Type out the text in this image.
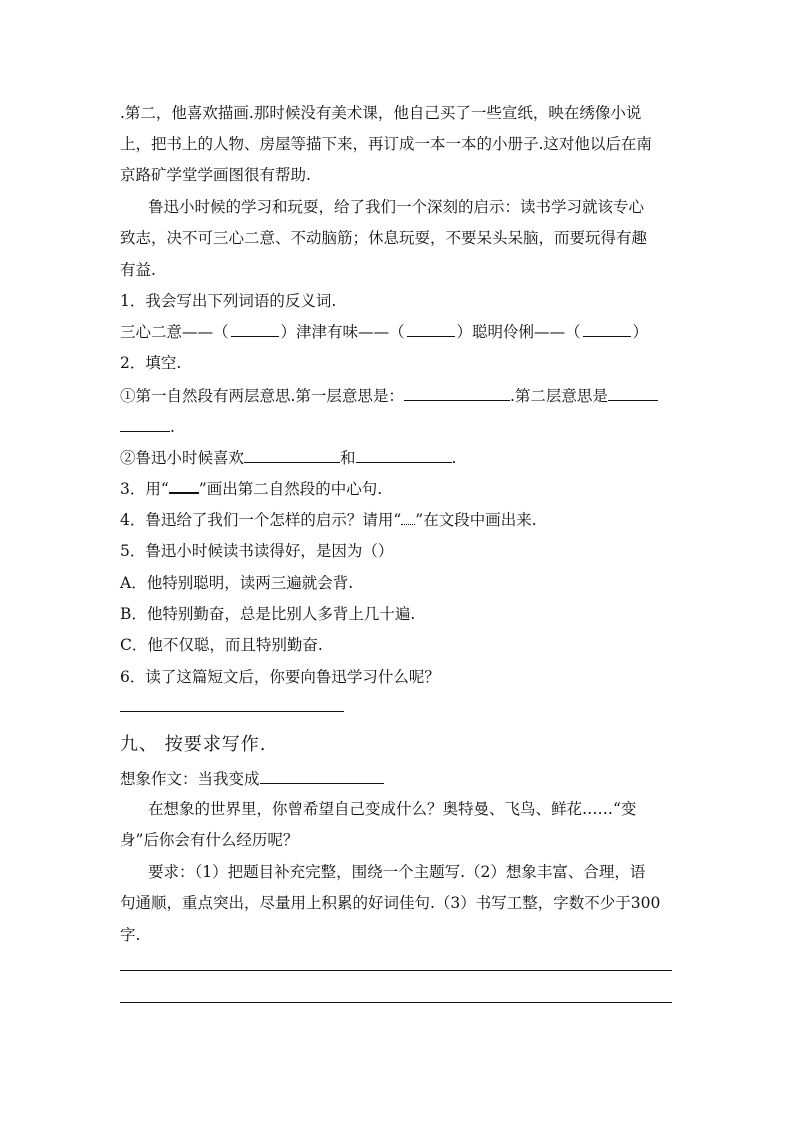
.第二，他喜欢描画.那时候没有美术课，他自己买了一些宣纸，映在绣像小说
上，把书上的人物、房屋等描下来，再订成一本一本的小册子.这对他以后在南
京路矿学堂学画图很有帮助.
鲁迅小时候的学习和玩耍，给了我们一个深刻的启示：读书学习就该专心
致志，决不可三心二意、不动脑筋；休息玩耍，不要呆头呆脑，而要玩得有趣
有益.
1．我会写出下列词语的反义词.
三心二意——（	）津津有味——（	）聪明伶俐——（	）
2．填空.
①第一自然段有两层意思.第一层意思是：	.第二层意思是
.
②鲁迅小时候喜欢	和	.
3．用“ ”画出第二自然段的中心句.
4．鲁迅给了我们一个怎样的启示？请用“ ”在文段中画出来.
5．鲁迅小时候读书读得好，是因为（）
A．他特别聪明，读两三遍就会背.
B．他特别勤奋，总是比别人多背上几十遍.
C．他不仅聪，而且特别勤奋.
6．读了这篇短文后，你要向鲁迅学习什么呢？
九、 按要求写作.
想象作文：当我变成
在想象的世界里，你曾希望自己变成什么？奥特曼、飞鸟、鲜花……“变
身”后你会有什么经历呢？
要求：（1）把题目补充完整，围绕一个主题写.（2）想象丰富、合理，语
句通顺，重点突出，尽量用上积累的好词佳句.（3）书写工整，字数不少于300
字.
